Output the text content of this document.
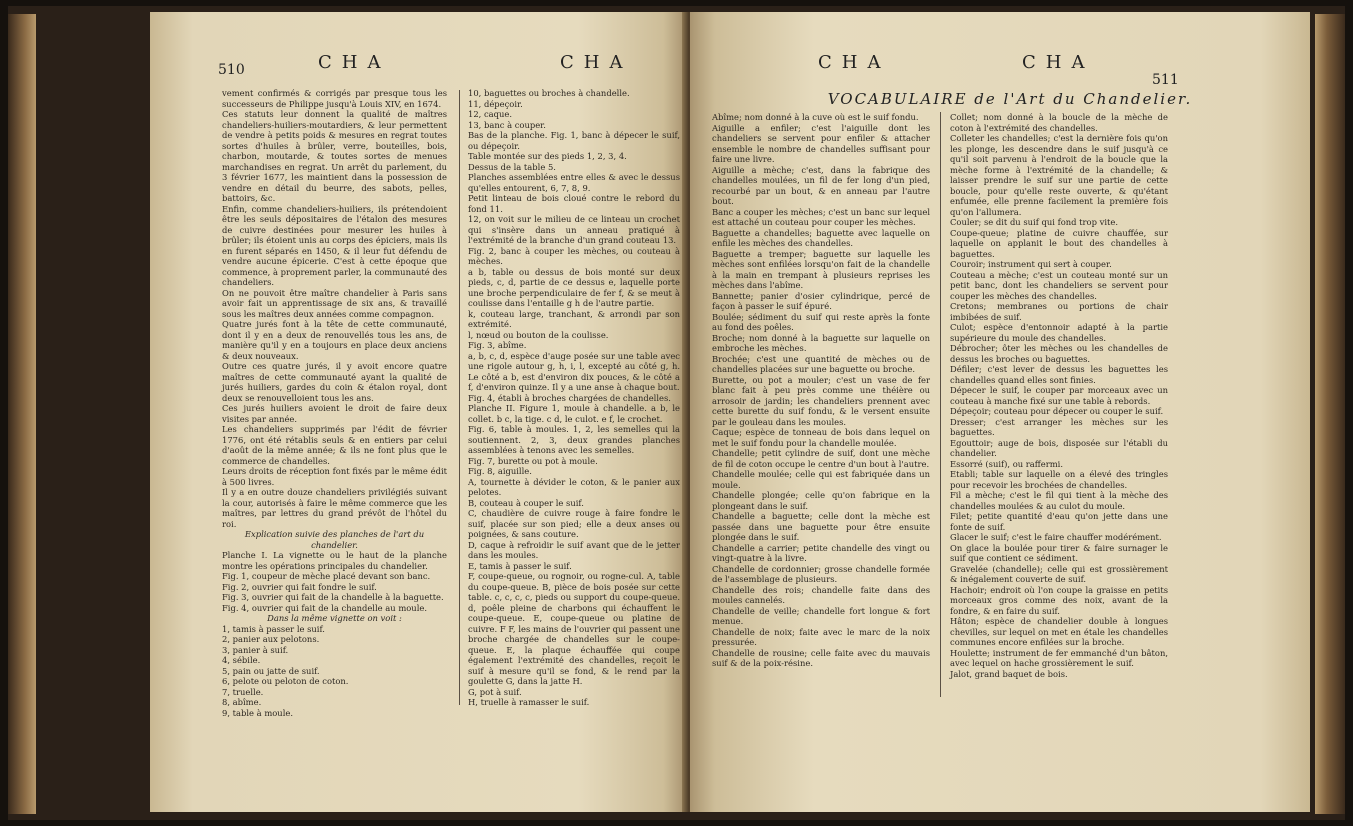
510	CHA	CHA

vement confirmés & corrigés par presque tous les successeurs de Philippe jusqu'à Louis XIV, en 1674.

Ces statuts leur donnent la qualité de maîtres chandeliers-huiliers-moutardiers, & leur permettent de vendre à petits poids & mesures en regrat toutes sortes d'huiles à brûler, verre, bouteilles, bois, charbon, moutarde, & toutes sortes de menues marchandises en regrat. Un arrêt du parlement, du 3 février 1677, les maintient dans la possession de vendre en détail du beurre, des sabots, pelles, battoirs, &c.

Enfin, comme chandeliers-huiliers, ils prétendoient être les seuls dépositaires de l'étalon des mesures de cuivre destinées pour mesurer les huiles à brûler; ils étoient unis au corps des épiciers, mais ils en furent séparés en 1450, & il leur fut défendu de vendre aucune épicerie. C'est à cette époque que commence, à proprement parler, la communauté des chandeliers.

On ne pouvoit être maître chandelier à Paris sans avoir fait un apprentissage de six ans, & travaillé sous les maîtres deux années comme compagnon.

Quatre jurés font à la tête de cette communauté, dont il y en a deux de renouvellés tous les ans, de manière qu'il y en a toujours en place deux anciens & deux nouveaux.

Outre ces quatre jurés, il y avoit encore quatre maîtres de cette communauté ayant la qualité de jurés huiliers, gardes du coin & étalon royal, dont deux se renouvelloient tous les ans.

Ces jurés huiliers avoient le droit de faire deux visites par année.

Les chandeliers supprimés par l'édit de février 1776, ont été rétablis seuls & en entiers par celui d'août de la même année; & ils ne font plus que le commerce de chandelles.

Leurs droits de réception font fixés par le même édit à 500 livres.

Il y a en outre douze chandeliers privilégiés suivant la cour, autorisés à faire le même commerce que les maîtres, par lettres du grand prévôt de l'hôtel du roi.

Explication suivie des planches de l'art du chandelier.

Planche I. La vignette ou le haut de la planche montre les opérations principales du chandelier.

Fig. 1, coupeur de mèche placé devant son banc.

Fig. 2, ouvrier qui fait fondre le suif.

Fig. 3, ouvrier qui fait de la chandelle à la baguette.

Fig. 4, ouvrier qui fait de la chandelle au moule.

Dans la même vignette on voit :

1, tamis à passer le suif.

2, panier aux pelotons.

3, panier à suif.

4, sébile.

5, pain ou jatte de suif.

6, pelote ou peloton de coton.

7, truelle.

8, abîme.

9, table à moule.

10, baguettes ou broches à chandelle.

11, dépeçoir.

12, caque.

13, banc à couper.

Bas de la planche. Fig. 1, banc à dépecer le suif, ou dépeçoir.

Table montée sur des pieds 1, 2, 3, 4.

Dessus de la table 5.

Planches assemblées entre elles & avec le dessus qu'elles entourent, 6, 7, 8, 9.

Petit linteau de bois cloué contre le rebord du fond 11.

12, on voit sur le milieu de ce linteau un crochet qui s'insère dans un anneau pratiqué à l'extrémité de la branche d'un grand couteau 13.

Fig. 2, banc à couper les mèches, ou couteau à mèches.

a b, table ou dessus de bois monté sur deux pieds, c, d, partie de ce dessus e, laquelle porte une broche perpendiculaire de fer f, & se meut à coulisse dans l'entaille g h de l'autre partie.

k, couteau large, tranchant, & arrondi par son extrémité.

l, nœud ou bouton de la coulisse.

Fig. 3, abîme.

a, b, c, d, espèce d'auge posée sur une table avec une rigole autour g, h, i, l, excepté au côté g, h. Le côté a b, est d'environ dix pouces, & le côté a f, d'environ quinze. Il y a une anse à chaque bout.

Fig. 4, établi à broches chargées de chandelles.

Planche II. Figure 1, moule à chandelle. a b, le collet. b c, la tige. c d, le culot. e f, le crochet.

Fig. 6, table à moules. 1, 2, les semelles qui la soutiennent. 2, 3, deux grandes planches assemblées à tenons avec les semelles.

Fig. 7, burette ou pot à moule.

Fig. 8, aiguille.

A, tournette à dévider le coton, & le panier aux pelotes.

B, couteau à couper le suif.

C, chaudière de cuivre rouge à faire fondre le suif, placée sur son pied; elle a deux anses ou poignées, & sans couture.

D, caque à refroidir le suif avant que de le jetter dans les moules.

E, tamis à passer le suif.

F, coupe-queue, ou rognoir, ou rogne-cul. A, table du coupe-queue. B, pièce de bois posée sur cette table. c, c, c, c, pieds ou support du coupe-queue. d, poêle pleine de charbons qui échauffent le coupe-queue. E, coupe-queue ou platine de cuivre. F F, les mains de l'ouvrier qui passent une broche chargée de chandelles sur le coupe-queue. E, la plaque échauffée qui coupe également l'extrémité des chandelles, reçoit le suif à mesure qu'il se fond, & le rend par la goulette G, dans la jatte H.

G, pot à suif.

H, truelle à ramasser le suif.

CHA	CHA
511
VOCABULAIRE de l'Art du Chandelier.

Abîme; nom donné à la cuve où est le suif fondu.

Aiguille a enfiler; c'est l'aiguille dont les chandeliers se servent pour enfiler & attacher ensemble le nombre de chandelles suffisant pour faire une livre.

Aiguille a mèche; c'est, dans la fabrique des chandelles moulées, un fil de fer long d'un pied, recourbé par un bout, & en anneau par l'autre bout.

Banc a couper les mèches; c'est un banc sur lequel est attaché un couteau pour couper les mèches.

Baguette a chandelles; baguette avec laquelle on enfile les mèches des chandelles.

Baguette a tremper; baguette sur laquelle les mèches sont enfilées lorsqu'on fait de la chandelle à la main en trempant à plusieurs reprises les mèches dans l'abîme.

Bannette; panier d'osier cylindrique, percé de façon à passer le suif épuré.

Boulée; sédiment du suif qui reste après la fonte au fond des poêles.

Broche; nom donné à la baguette sur laquelle on embroche les mèches.

Brochée; c'est une quantité de mèches ou de chandelles placées sur une baguette ou broche.

Burette, ou pot a mouler; c'est un vase de fer blanc fait à peu près comme une théière ou arrosoir de jardin; les chandeliers prennent avec cette burette du suif fondu, & le versent ensuite par le gouleau dans les moules.

Caque; espèce de tonneau de bois dans lequel on met le suif fondu pour la chandelle moulée.

Chandelle; petit cylindre de suif, dont une mèche de fil de coton occupe le centre d'un bout à l'autre.

Chandelle moulée; celle qui est fabriquée dans un moule.

Chandelle plongée; celle qu'on fabrique en la plongeant dans le suif.

Chandelle a baguette; celle dont la mèche est passée dans une baguette pour être ensuite plongée dans le suif.

Chandelle a carrier; petite chandelle des vingt ou vingt-quatre à la livre.

Chandelle de cordonnier; grosse chandelle formée de l'assemblage de plusieurs.

Chandelle des rois; chandelle faite dans des moules cannelés.

Chandelle de veille; chandelle fort longue & fort menue.

Chandelle de noix; faite avec le marc de la noix pressurée.

Chandelle de rousine; celle faite avec du mauvais suif & de la poix-résine.

Collet; nom donné à la boucle de la mèche de coton à l'extrémité des chandelles.

Colleter les chandelles; c'est la dernière fois qu'on les plonge, les descendre dans le suif jusqu'à ce qu'il soit parvenu à l'endroit de la boucle que la mèche forme à l'extrémité de la chandelle; & laisser prendre le suif sur une partie de cette boucle, pour qu'elle reste ouverte, & qu'étant enfumée, elle prenne facilement la première fois qu'on l'allumera.

Couler; se dit du suif qui fond trop vite.

Coupe-queue; platine de cuivre chauffée, sur laquelle on applanit le bout des chandelles à baguettes.

Couroir; instrument qui sert à couper.

Couteau a mèche; c'est un couteau monté sur un petit banc, dont les chandeliers se servent pour couper les mèches des chandelles.

Cretons; membranes ou portions de chair imbibées de suif.

Culot; espèce d'entonnoir adapté à la partie supérieure du moule des chandelles.

Débrocher; ôter les mèches ou les chandelles de dessus les broches ou baguettes.

Défiler; c'est lever de dessus les baguettes les chandelles quand elles sont finies.

Dépecer le suif, le couper par morceaux avec un couteau à manche fixé sur une table à rebords.

Dépeçoir; couteau pour dépecer ou couper le suif.

Dresser; c'est arranger les mèches sur les baguettes.

Egouttoir; auge de bois, disposée sur l'établi du chandelier.

Essorré (suif), ou raffermi.

Etabli; table sur laquelle on a élevé des tringles pour recevoir les brochées de chandelles.

Fil a mèche; c'est le fil qui tient à la mèche des chandelles moulées & au culot du moule.

Filet; petite quantité d'eau qu'on jette dans une fonte de suif.

Glacer le suif; c'est le faire chauffer modérément.

On glace la boulée pour tirer & faire surnager le suif que contient ce sédiment.

Gravelée (chandelle); celle qui est grossièrement & inégalement couverte de suif.

Hachoir; endroit où l'on coupe la graisse en petits morceaux gros comme des noix, avant de la fondre, & en faire du suif.

Hâton; espèce de chandelier double à longues chevilles, sur lequel on met en étale les chandelles communes encore enfilées sur la broche.

Houlette; instrument de fer emmanché d'un bâton, avec lequel on hache grossièrement le suif.

Jalot, grand baquet de bois.
